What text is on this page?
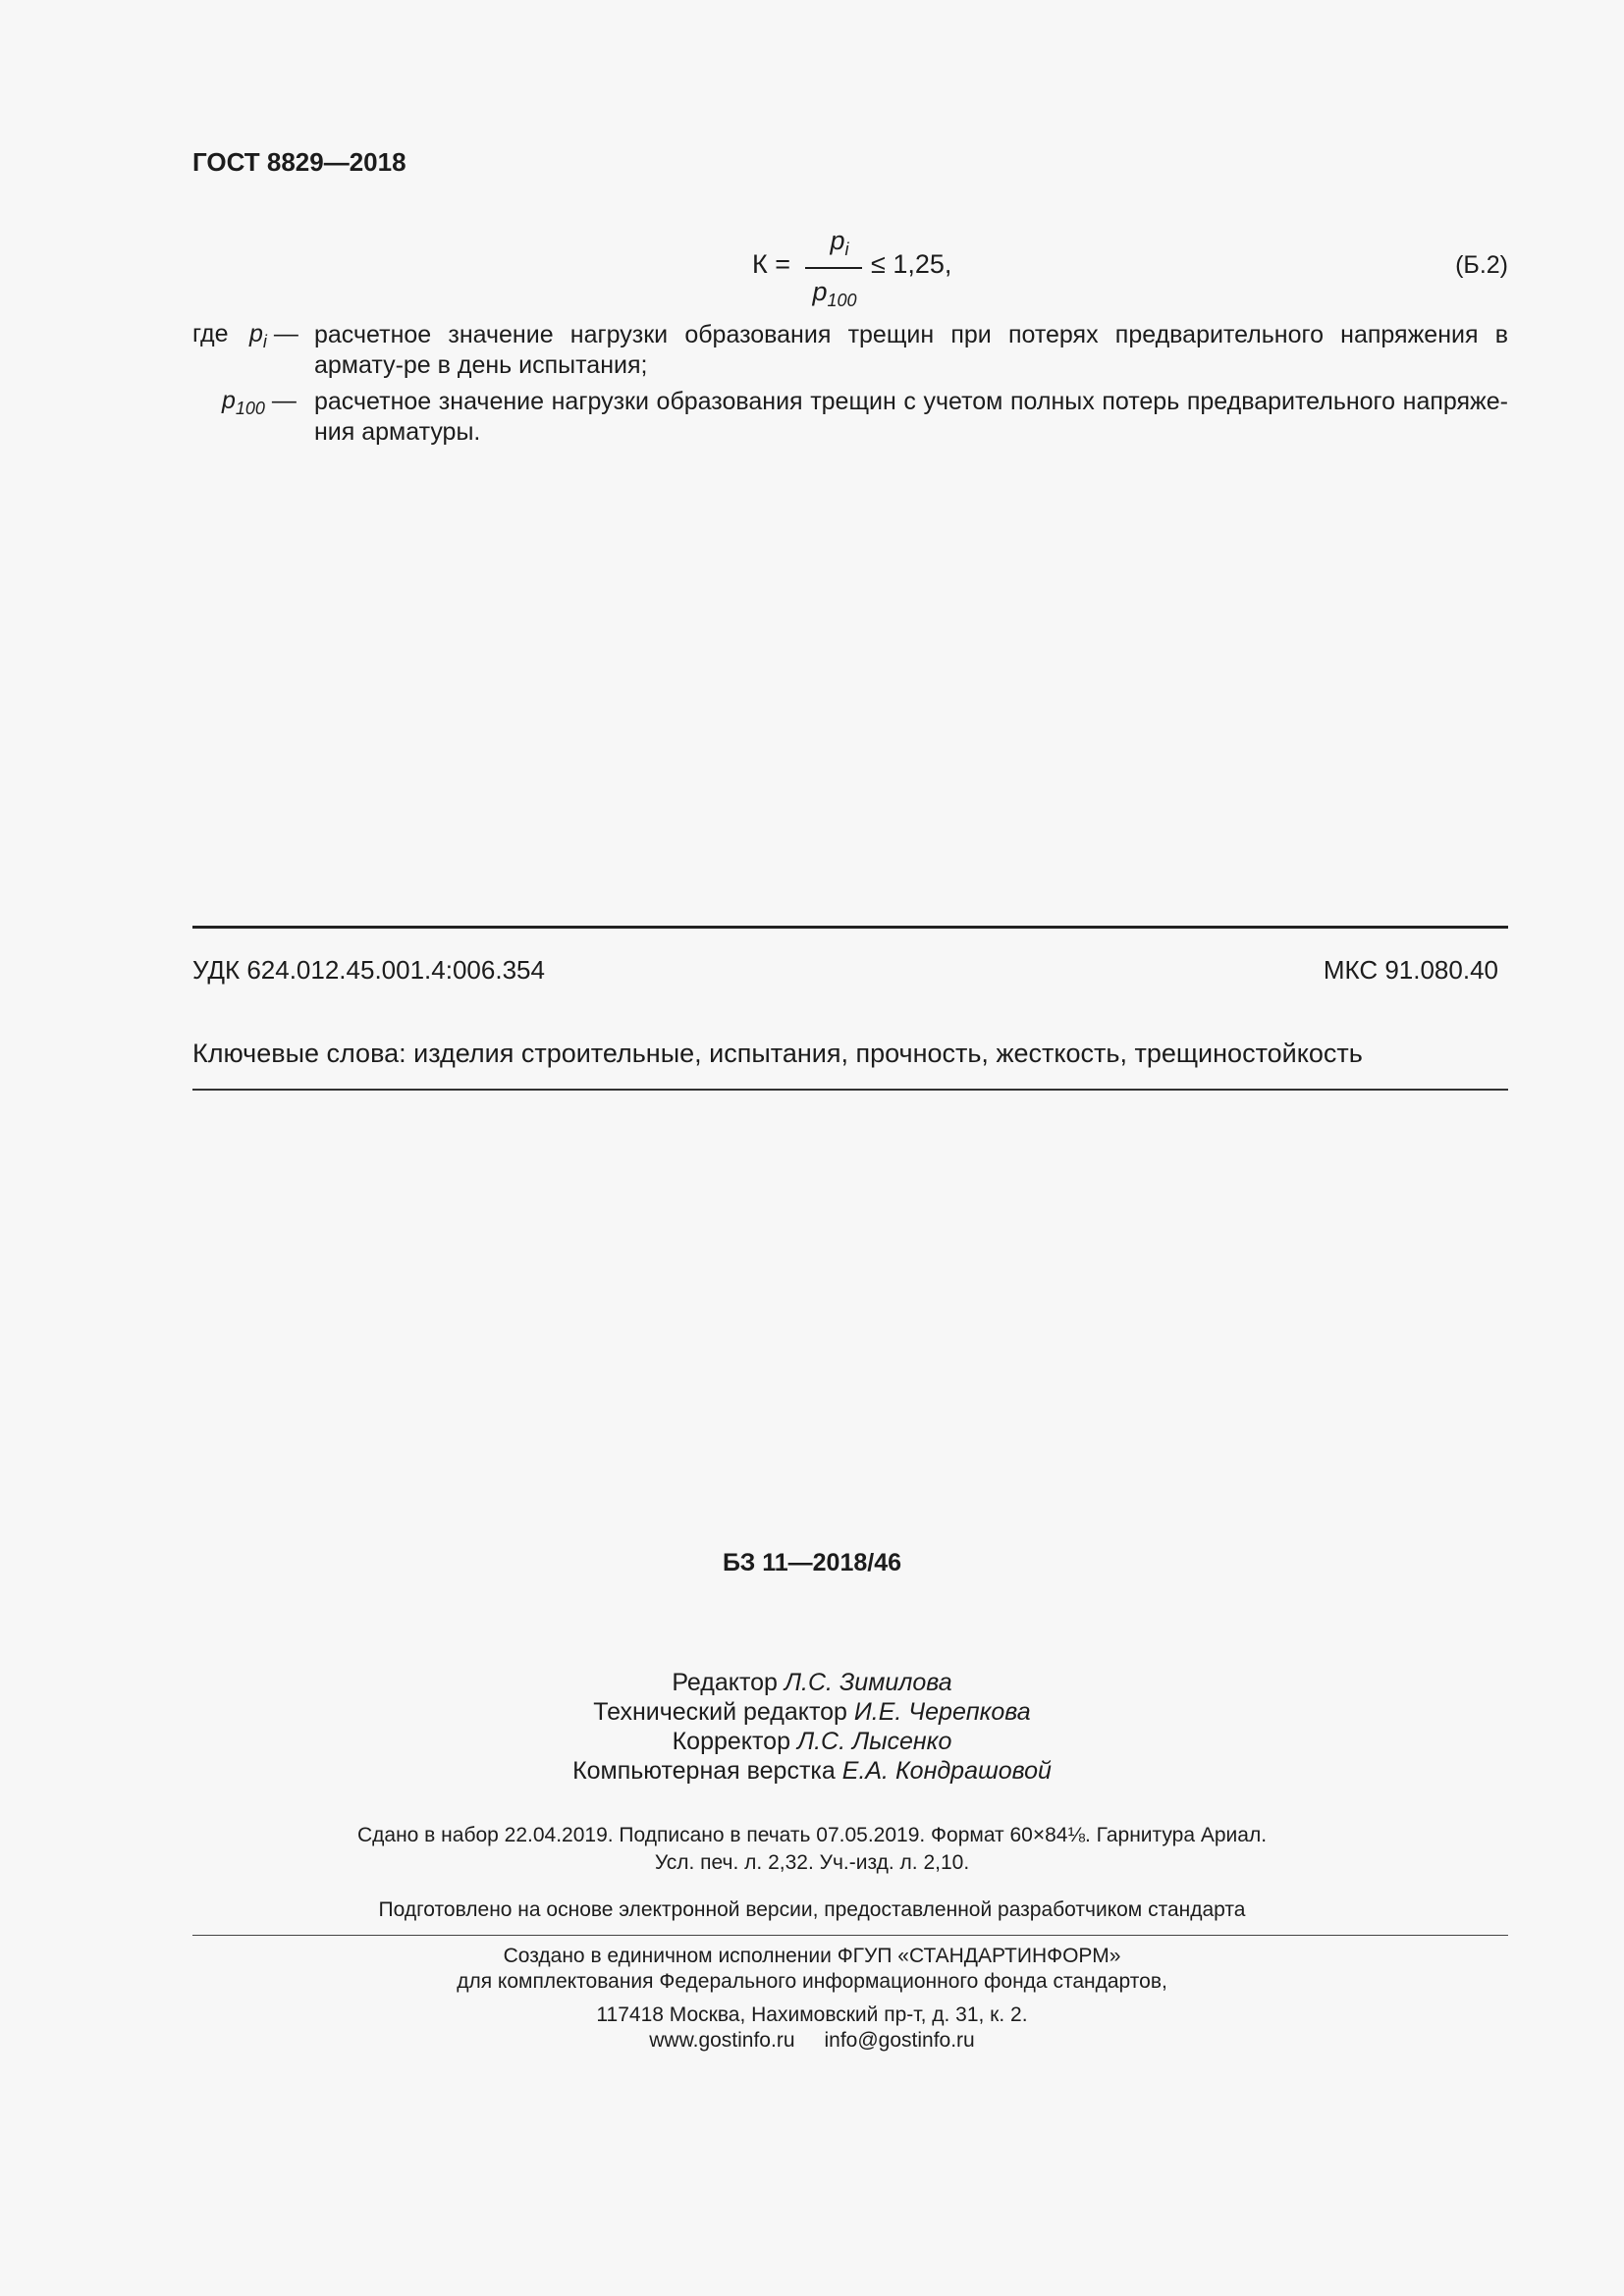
ГОСТ 8829—2018
К =
$p_i$
$p_{100}$
≤ 1,25,	(Б.2)
где $p_i$ — расчетное значение нагрузки образования трещин при потерях предварительного напряжения в армату-ре в день испытания;
$p_{100}$ — расчетное значение нагрузки образования трещин с учетом полных потерь предварительного напряже-ния арматуры.
УДК 624.012.45.001.4:006.354	МКС 91.080.40
Ключевые слова: изделия строительные, испытания, прочность, жесткость, трещиностойкость
БЗ 11—2018/46
Редактор Л.С. Зимилова
Технический редактор И.Е. Черепкова
Корректор Л.С. Лысенко
Компьютерная верстка Е.А. Кондрашовой
Сдано в набор 22.04.2019. Подписано в печать 07.05.2019. Формат 60×84⅛. Гарнитура Ариал.
Усл. печ. л. 2,32. Уч.-изд. л. 2,10.
Подготовлено на основе электронной версии, предоставленной разработчиком стандарта
Создано в единичном исполнении ФГУП «СТАНДАРТИНФОРМ»
для комплектования Федерального информационного фонда стандартов,
117418 Москва, Нахимовский пр-т, д. 31, к. 2.
www.gostinfo.ru info@gostinfo.ru
